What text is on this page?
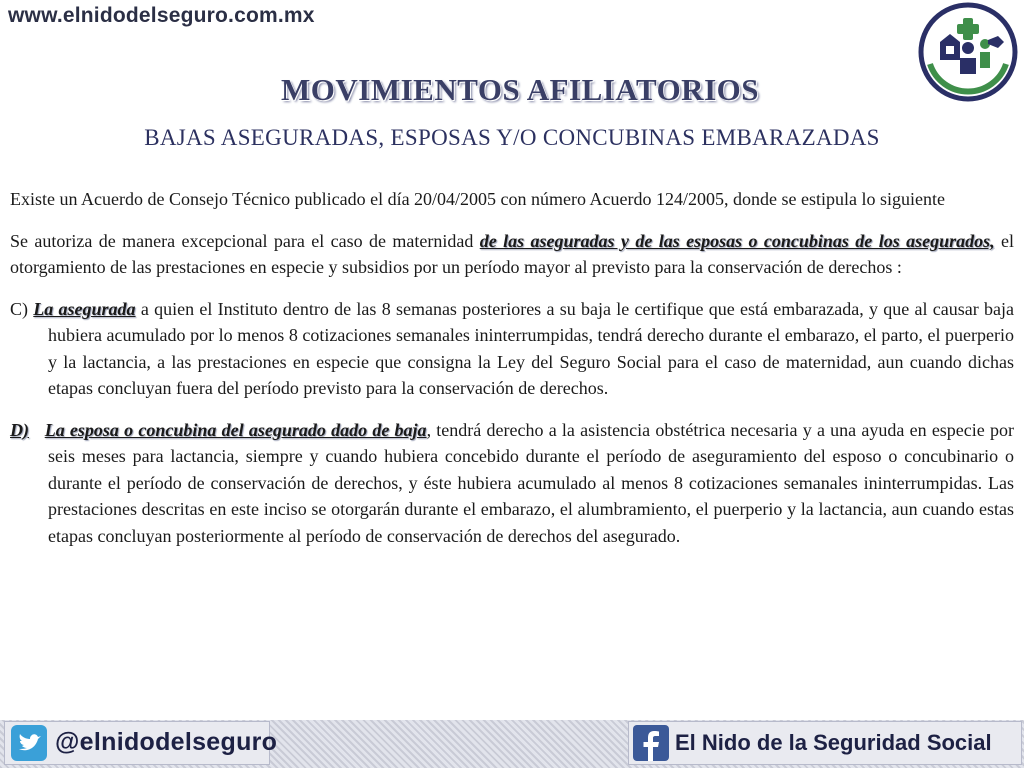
www.elnidodelseguro.com.mx
MOVIMIENTOS AFILIATORIOS
BAJAS ASEGURADAS, ESPOSAS Y/O CONCUBINAS EMBARAZADAS

Existe un Acuerdo de Consejo Técnico publicado el día 20/04/2005 con número Acuerdo 124/2005, donde se estipula lo siguiente

Se autoriza de manera excepcional para el caso de maternidad de las aseguradas y de las esposas o concubinas de los asegurados, el otorgamiento de las prestaciones en especie y subsidios por un período mayor al previsto para la conservación de derechos :

C) La asegurada a quien el Instituto dentro de las 8 semanas posteriores a su baja le certifique que está embarazada, y que al causar baja hubiera acumulado por lo menos 8 cotizaciones semanales ininterrumpidas, tendrá derecho durante el embarazo, el parto, el puerperio y la lactancia, a las prestaciones en especie que consigna la Ley del Seguro Social para el caso de maternidad, aun cuando dichas etapas concluyan fuera del período previsto para la conservación de derechos.

D) La esposa o concubina del asegurado dado de baja, tendrá derecho a la asistencia obstétrica necesaria y a una ayuda en especie por seis meses para lactancia, siempre y cuando hubiera concebido durante el período de aseguramiento del esposo o concubinario o durante el período de conservación de derechos, y éste hubiera acumulado al menos 8 cotizaciones semanales ininterrumpidas. Las prestaciones descritas en este inciso se otorgarán durante el embarazo, el alumbramiento, el puerperio y la lactancia, aun cuando estas etapas concluyan posteriormente al período de conservación de derechos del asegurado.

@elnidodelseguro	El Nido de la Seguridad Social
